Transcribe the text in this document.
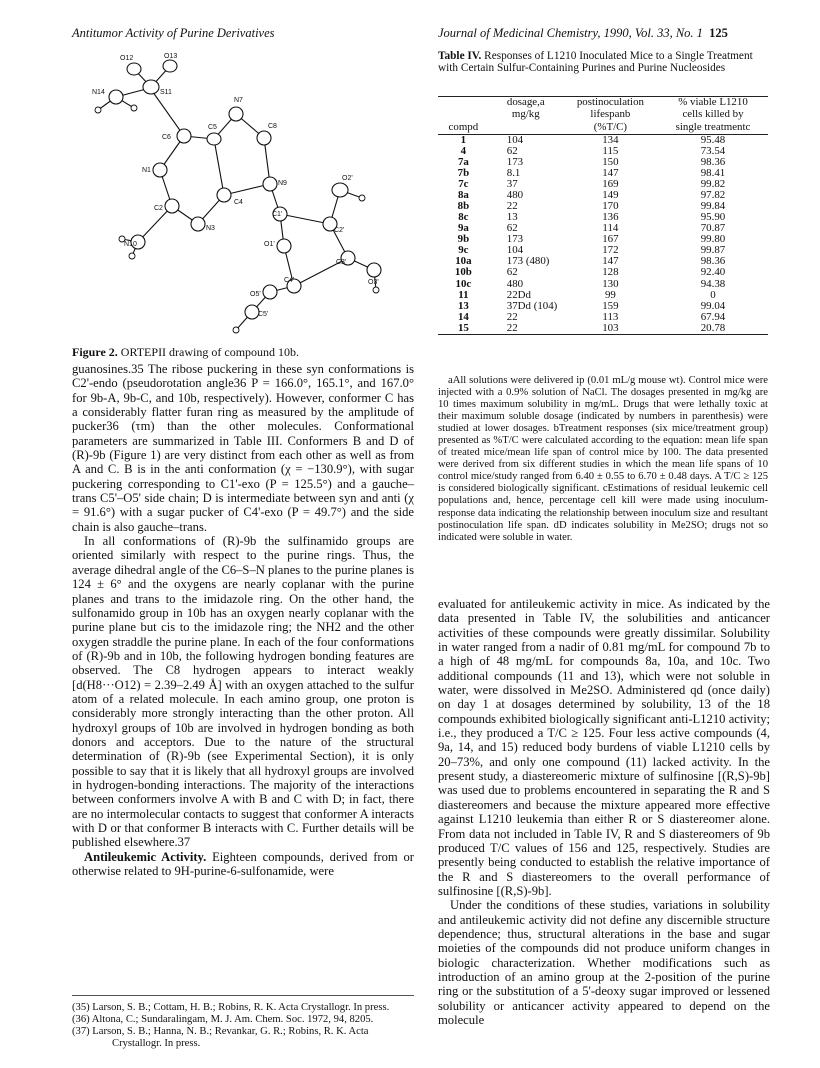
Antitumor Activity of Purine Derivatives	Journal of Medicinal Chemistry, 1990, Vol. 33, No. 1 125
O12	O13
N14	S11
N7
C6
C5	C8
N1
N9
C4
O2'
C2
C1'
N3	C2'
N10	O1'
C3'
C4'	O3'
O5'
C5'
Figure 2. ORTEPII drawing of compound 10b.

guanosines.35 The ribose puckering in these syn conformations is C2'-endo (pseudorotation angle36 P = 166.0°, 165.1°, and 167.0° for 9b-A, 9b-C, and 10b, respectively). However, conformer C has a considerably flatter furan ring as measured by the amplitude of pucker36 (τm) than the other molecules. Conformational parameters are summarized in Table III. Conformers B and D of (R)-9b (Figure 1) are very distinct from each other as well as from A and C. B is in the anti conformation (χ = −130.9°), with sugar puckering corresponding to C1'-exo (P = 125.5°) and a gauche–trans C5'–O5' side chain; D is intermediate between syn and anti (χ = 91.6°) with a sugar pucker of C4'-exo (P = 49.7°) and the side chain is also gauche–trans.

In all conformations of (R)-9b the sulfinamido groups are oriented similarly with respect to the purine rings. Thus, the average dihedral angle of the C6–S–N planes to the purine planes is 124 ± 6° and the oxygens are nearly coplanar with the purine planes and trans to the imidazole ring. On the other hand, the sulfonamido group in 10b has an oxygen nearly coplanar with the purine plane but cis to the imidazole ring; the NH2 and the other oxygen straddle the purine plane. In each of the four conformations of (R)-9b and in 10b, the following hydrogen bonding features are observed. The C8 hydrogen appears to interact weakly [d(H8···O12) = 2.39–2.49 Å] with an oxygen attached to the sulfur atom of a related molecule. In each amino group, one proton is considerably more strongly interacting than the other proton. All hydroxyl groups of 10b are involved in hydrogen bonding as both donors and acceptors. Due to the nature of the structural determination of (R)-9b (see Experimental Section), it is only possible to say that it is likely that all hydroxyl groups are involved in hydrogen-bonding interactions. The majority of the interactions between conformers involve A with B and C with D; in fact, there are no intermolecular contacts to suggest that conformer A interacts with D or that conformer B interacts with C. Further details will be published elsewhere.37

Antileukemic Activity. Eighteen compounds, derived from or otherwise related to 9H-purine-6-sulfonamide, were

(35) Larson, S. B.; Cottam, H. B.; Robins, R. K. Acta Crystallogr. In press.
(36) Altona, C.; Sundaralingam, M. J. Am. Chem. Soc. 1972, 94, 8205.
(37) Larson, S. B.; Hanna, N. B.; Revankar, G. R.; Robins, R. K. Acta Crystallogr. In press.
Table IV. Responses of L1210 Inoculated Mice to a Single Treatment with Certain Sulfur-Containing Purines and Purine Nucleosides
	dosage,a	postinoculation	% viable L1210
	mg/kg	lifespanb	cells killed by
compd		(%T/C)	single treatmentc
1	104	134	95.48
4	62	115	73.54
7a	173	150	98.36
7b	8.1	147	98.41
7c	37	169	99.82
8a	480	149	97.82
8b	22	170	99.84
8c	13	136	95.90
9a	62	114	70.87
9b	173	167	99.80
9c	104	172	99.87
10a	173 (480)	147	98.36
10b	62	128	92.40
10c	480	130	94.38
11	22Dd	99	0
13	37Dd (104)	159	99.04
14	22	113	67.94
15	22	103	20.78
aAll solutions were delivered ip (0.01 mL/g mouse wt). Control mice were injected with a 0.9% solution of NaCl. The dosages presented in mg/kg are 10 times maximum solubility in mg/mL. Drugs that were lethally toxic at their maximum soluble dosage (indicated by numbers in parenthesis) were studied at lower dosages. bTreatment responses (six mice/treatment group) presented as %T/C were calculated according to the equation: mean life span of treated mice/mean life span of control mice by 100. The data presented were derived from six different studies in which the mean life spans of 10 control mice/study ranged from 6.40 ± 0.55 to 6.70 ± 0.48 days. A T/C ≥ 125 is considered biologically significant. cEstimations of residual leukemic cell populations and, hence, percentage cell kill were made using inoculum-response data indicating the relationship between inoculum size and resultant postinoculation life span. dD indicates solubility in Me2SO; drugs not so indicated were soluble in water.

evaluated for antileukemic activity in mice. As indicated by the data presented in Table IV, the solubilities and anticancer activities of these compounds were greatly dissimilar. Solubility in water ranged from a nadir of 0.81 mg/mL for compound 7b to a high of 48 mg/mL for compounds 8a, 10a, and 10c. Two additional compounds (11 and 13), which were not soluble in water, were dissolved in Me2SO. Administered qd (once daily) on day 1 at dosages determined by solubility, 13 of the 18 compounds exhibited biologically significant anti-L1210 activity; i.e., they produced a T/C ≥ 125. Four less active compounds (4, 9a, 14, and 15) reduced body burdens of viable L1210 cells by 20–73%, and only one compound (11) lacked activity. In the present study, a diastereomeric mixture of sulfinosine [(R,S)-9b] was used due to problems encountered in separating the R and S diastereomers and because the mixture appeared more effective against L1210 leukemia than either R or S diastereomer alone. From data not included in Table IV, R and S diastereomers of 9b produced T/C values of 156 and 125, respectively. Studies are presently being conducted to establish the relative importance of the R and S diastereomers to the overall performance of sulfinosine [(R,S)-9b].

Under the conditions of these studies, variations in solubility and antileukemic activity did not define any discernible structure dependence; thus, structural alterations in the base and sugar moieties of the compounds did not produce uniform changes in biologic characterization. Whether modifications such as introduction of an amino group at the 2-position of the purine ring or the substitution of a 5'-deoxy sugar improved or lessened solubility or anticancer activity appeared to depend on the molecule
